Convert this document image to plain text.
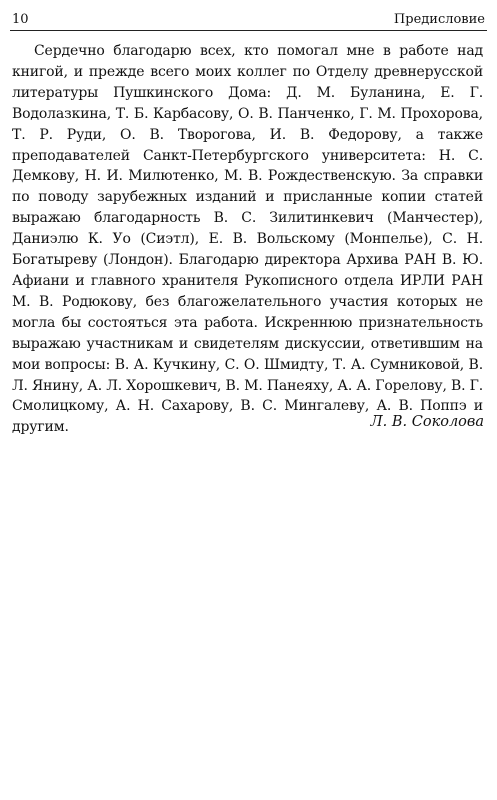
10	Предисловие

Сердечно благодарю всех, кто помогал мне в работе над книгой, и прежде всего моих коллег по Отделу древнерусской литературы Пушкинского Дома: Д. М. Буланина, Е. Г. Водолазкина, Т. Б. Карбасову, О. В. Панченко, Г. М. Прохорова, Т. Р. Руди, О. В. Творогова, И. В. Федорову, а также преподавателей Санкт-Петербургского университета: Н. С. Демкову, Н. И. Милютенко, М. В. Рождественскую. За справки по поводу зарубежных изданий и присланные копии статей выражаю благодарность В. С. Зилитинкевич (Манчестер), Даниэлю К. Уо (Сиэтл), Е. В. Вольскому (Монпелье), С. Н. Богатыреву (Лондон). Благодарю директора Архива РАН В. Ю. Афиани и главного хранителя Рукописного отдела ИРЛИ РАН М. В. Родюкову, без благожелательного участия которых не могла бы состояться эта работа. Искреннюю признательность выражаю участникам и свидетелям дискуссии, ответившим на мои вопросы: В. А. Кучкину, С. О. Шмидту, Т. А. Сумниковой, В. Л. Янину, А. Л. Хорошкевич, В. М. Панеяху, А. А. Горелову, В. Г. Смолицкому, А. Н. Сахарову, В. С. Мингалеву, А. В. Поппэ и другим.	Л. В. Соколова
